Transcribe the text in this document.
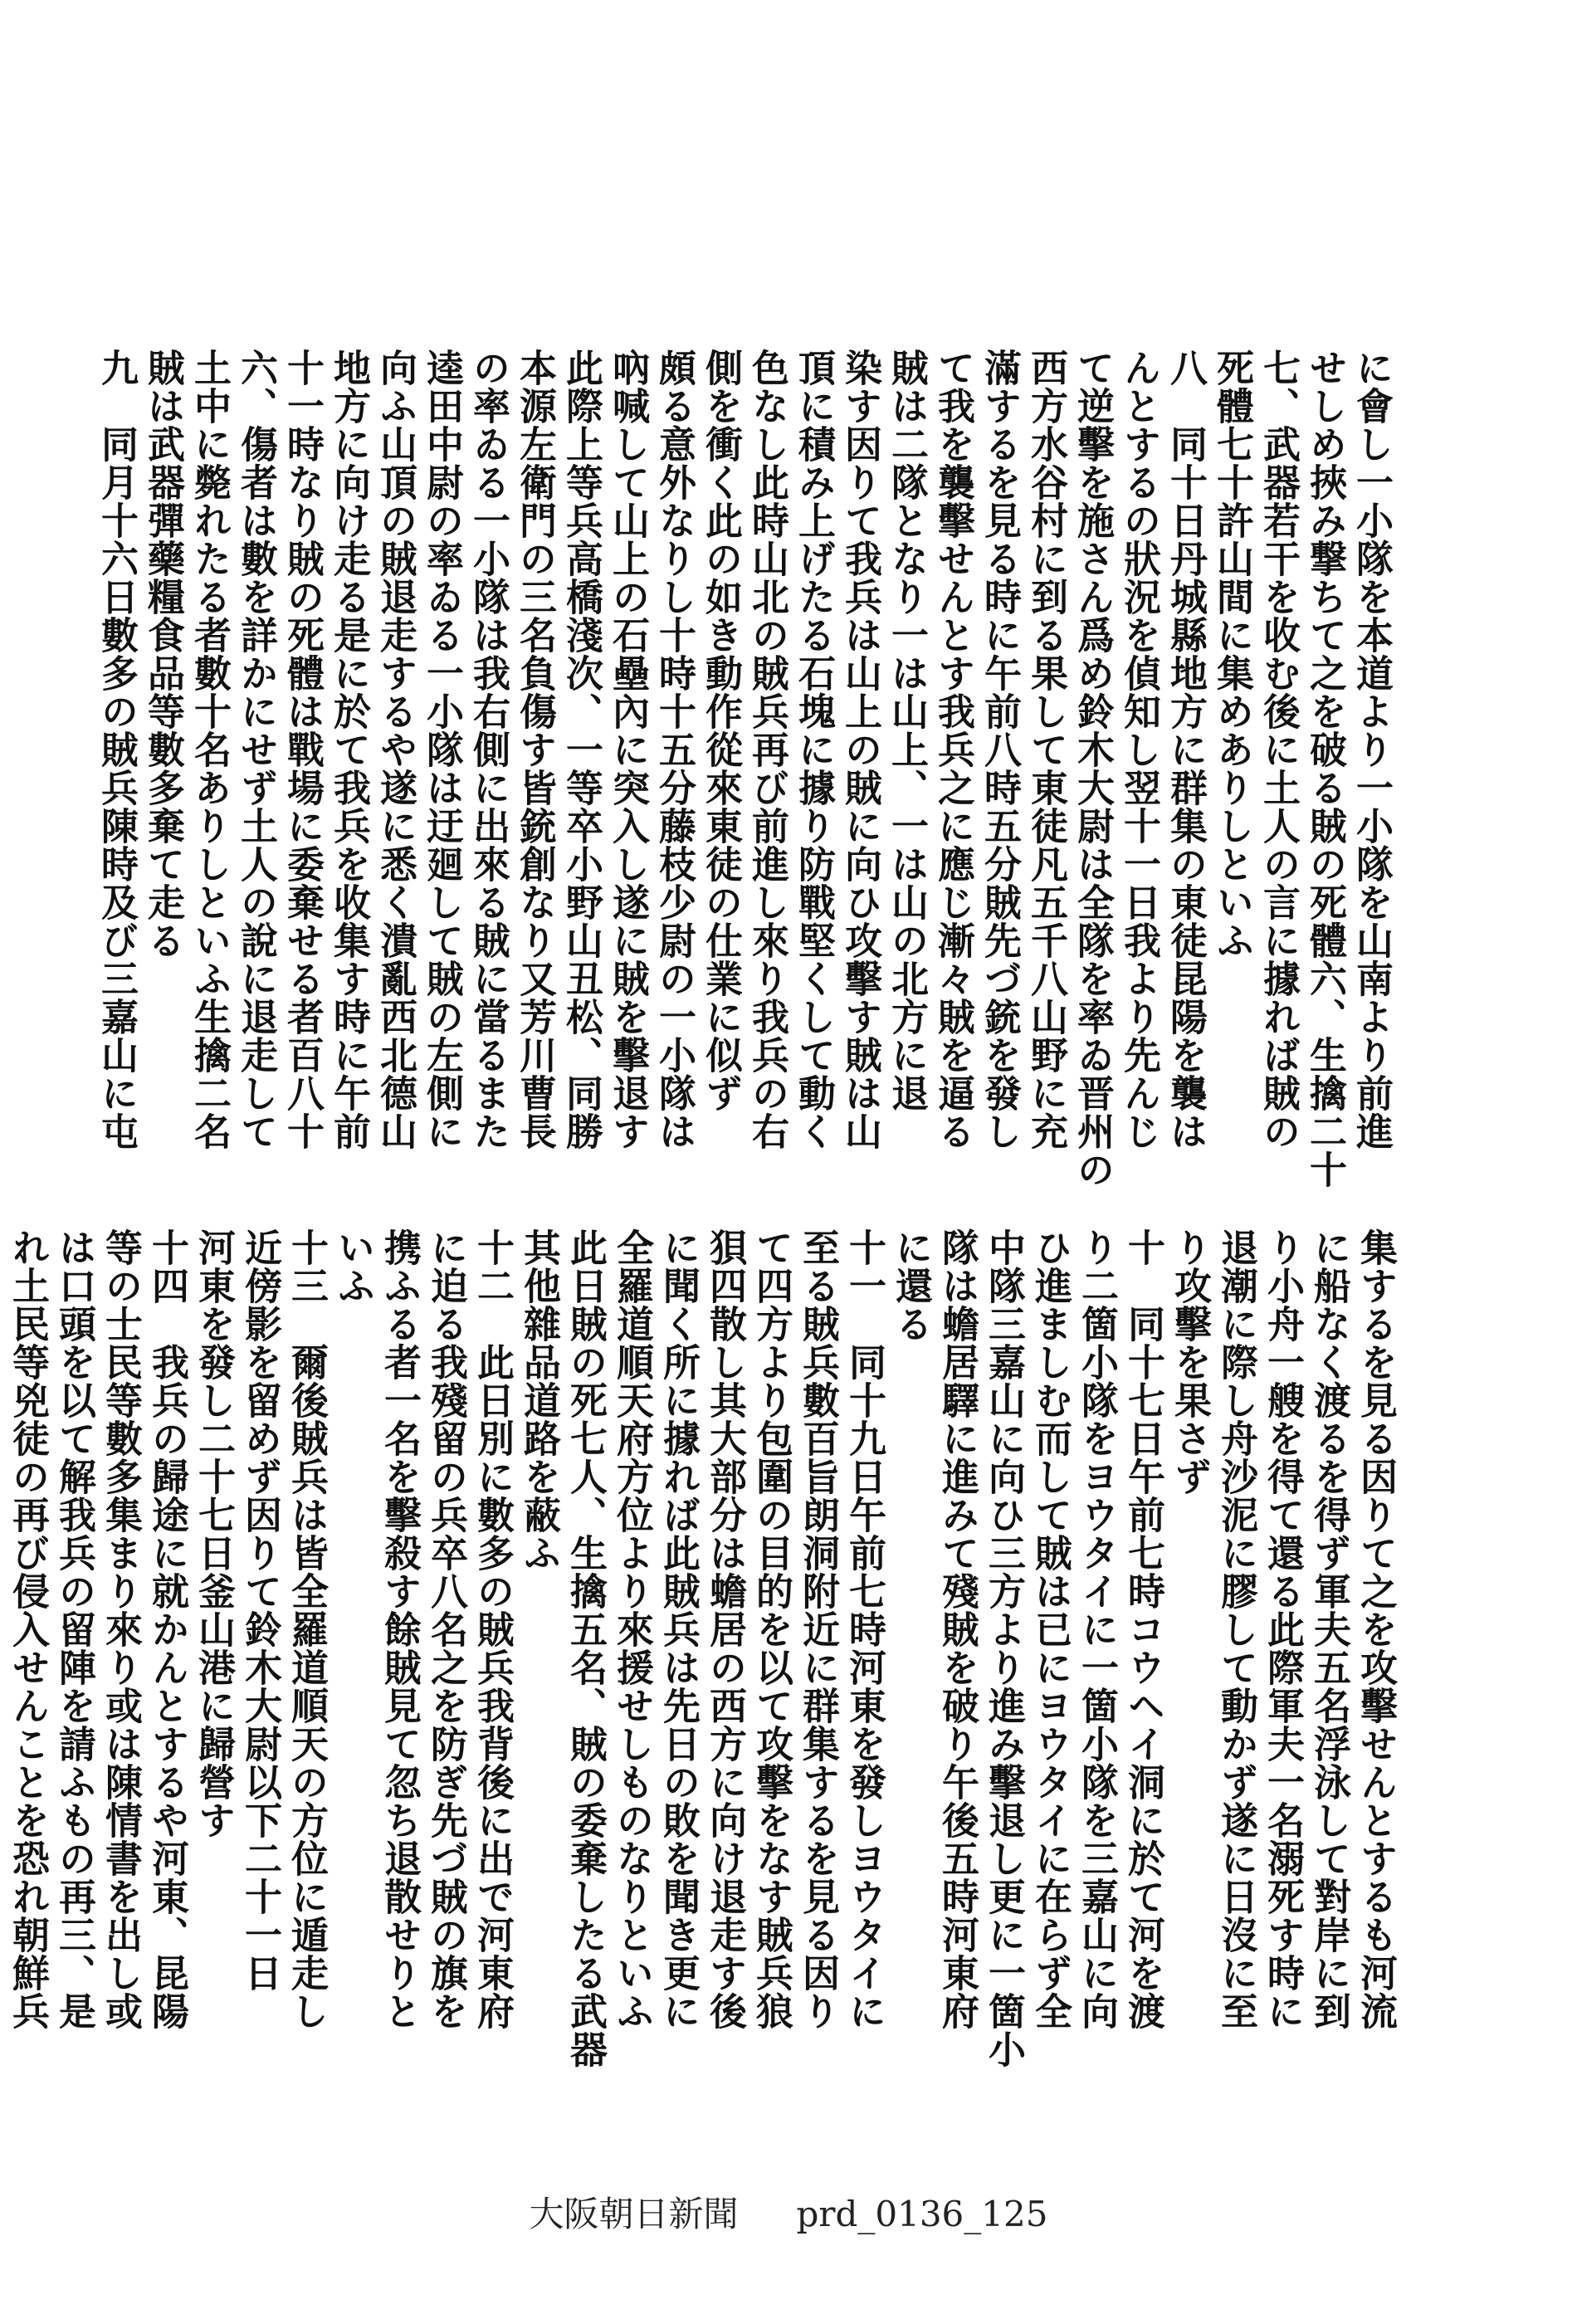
に會し一小隊を本道より一小隊を山南より前進
せしめ挾み撃ちて之を破る賊の死體六、生擒二十
七、武器若干を收む後に土人の言に據れば賊の
死體七十許山間に集めありしといふ
八　同十日丹城縣地方に群集の東徒昆陽を襲は
んとするの狀況を偵知し翌十一日我より先んじ
て逆擊を施さん爲め鈴木大尉は全隊を率ゐ晋州の
西方水谷村に到る果して東徒凡五千八山野に充
滿するを見る時に午前八時五分賊先づ銃を發し
て我を襲擊せんとす我兵之に應じ漸々賊を逼る
賊は二隊となり一は山上、一は山の北方に退
染す因りて我兵は山上の賊に向ひ攻擊す賊は山
頂に積み上げたる石塊に據り防戰堅くして動く
色なし此時山北の賊兵再び前進し來り我兵の右
側を衝く此の如き動作從來東徒の仕業に似ず
頗る意外なりし十時十五分藤枝少尉の一小隊は
吶喊して山上の石壘內に突入し遂に賊を擊退す
此際上等兵高橋淺次、一等卒小野山丑松、同勝
本源左衛門の三名負傷す皆銃創なり又芳川曹長
の率ゐる一小隊は我右側に出來る賊に當るまた
逵田中尉の率ゐる一小隊は迂廻して賊の左側に
向ふ山頂の賊退走するや遂に悉く潰亂西北德山
地方に向け走る是に於て我兵を收集す時に午前
十一時なり賊の死體は戰場に委棄せる者百八十
六、傷者は數を詳かにせず土人の說に退走して
土中に斃れたる者數十名ありしといふ生擒二名
賊は武器彈藥糧食品等數多棄て走る
九　同月十六日數多の賊兵陳時及び三嘉山に屯
集するを見る因りて之を攻擊せんとするも河流
に船なく渡るを得ず軍夫五名浮泳して對岸に到
り小舟一艘を得て還る此際軍夫一名溺死す時に
退潮に際し舟沙泥に膠して動かず遂に日沒に至
り攻擊を果さず
十　同十七日午前七時コウヘイ洞に於て河を渡
り二箇小隊をヨウタイに一箇小隊を三嘉山に向
ひ進ましむ而して賊は已にヨウタイに在らず全
中隊三嘉山に向ひ三方より進み擊退し更に一箇小
隊は蟾居驛に進みて殘賊を破り午後五時河東府
に還る
十一　同十九日午前七時河東を發しヨウタイに
至る賊兵數百旨朗洞附近に群集するを見る因り
て四方より包圍の目的を以て攻擊をなす賊兵狼
狽四散し其大部分は蟾居の西方に向け退走す後
に聞く所に據れば此賊兵は先日の敗を聞き更に
全羅道順天府方位より來援せしものなりといふ
此日賊の死七人、生擒五名、賊の委棄したる武器
其他雜品道路を蔽ふ
十二　此日別に數多の賊兵我背後に出で河東府
に迫る我殘留の兵卒八名之を防ぎ先づ賊の旗を
携ふる者一名を擊殺す餘賊見て忽ち退散せりと
いふ
十三　爾後賊兵は皆全羅道順天の方位に遁走し
近傍影を留めず因りて鈴木大尉以下二十一日
河東を發し二十七日釜山港に歸營す
十四　我兵の歸途に就かんとするや河東、昆陽
等の士民等數多集まり來り或は陳情書を出し或
は口頭を以て解我兵の留陣を請ふもの再三、是
れ土民等兇徒の再び侵入せんことを恐れ朝鮮兵
大阪朝日新聞 prd_0136_125
